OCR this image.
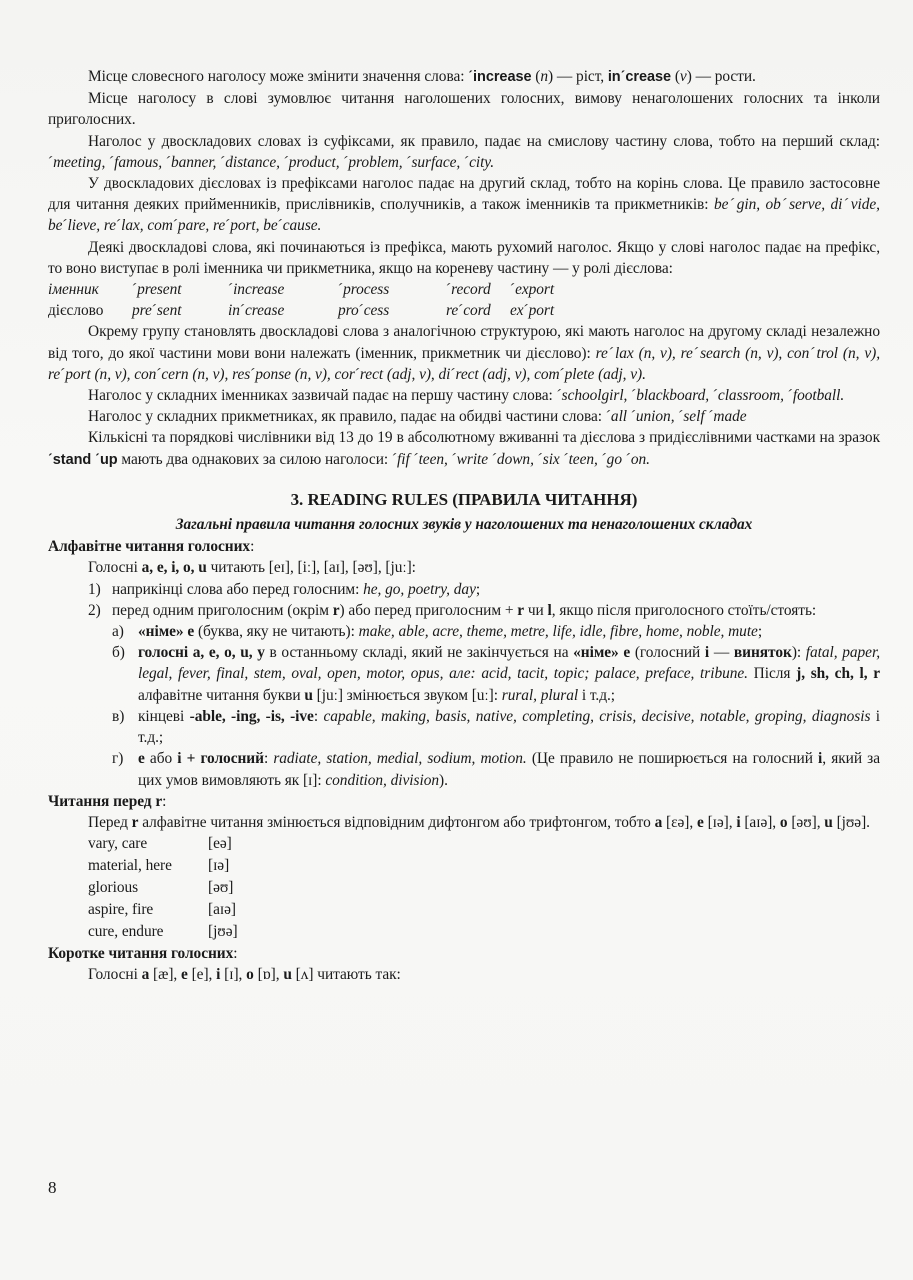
Місце словесного наголосу може змінити значення слова: ˊincrease (n) — ріст, inˊcrease (v) — рости.

Місце наголосу в слові зумовлює читання наголошених голосних, вимову ненаголошених голосних та інколи приголосних.

Наголос у двоскладових словах із суфіксами, як правило, падає на смислову частину слова, тобто на перший склад: ˊmeeting, ˊfamous, ˊbanner, ˊdistance, ˊproduct, ˊproblem, ˊsurface, ˊcity.

У двоскладових дієсловах із префіксами наголос падає на другий склад, тобто на корінь слова. Це правило застосовне для читання деяких прийменників, прислівників, сполучників, а також іменників та прикметників: beˊgin, obˊserve, diˊvide, beˊlieve, reˊlax, comˊpare, reˊport, beˊcause.

Деякі двоскладові слова, які починаються із префікса, мають рухомий наголос. Якщо у слові наголос падає на префікс, то воно виступає в ролі іменника чи прикметника, якщо на кореневу частину — у ролі дієслова:

іменник	ˊpresent	ˊincrease	ˊprocess	ˊrecord	ˊexport
дієслово	preˊsent	inˊcrease	proˊcess	reˊcord	exˊport

Окрему групу становлять двоскладові слова з аналогічною структурою, які мають наголос на другому складі незалежно від того, до якої частини мови вони належать (іменник, прикметник чи дієслово): reˊlax (n, v), reˊsearch (n, v), conˊtrol (n, v), reˊport (n, v), conˊcern (n, v), resˊponse (n, v), corˊrect (adj, v), diˊrect (adj, v), comˊplete (adj, v).

Наголос у складних іменниках зазвичай падає на першу частину слова: ˊschoolgirl, ˊblackboard, ˊclassroom, ˊfootball.

Наголос у складних прикметниках, як правило, падає на обидві частини слова: ˊall ˊunion, ˊself ˊmade

Кількісні та порядкові числівники від 13 до 19 в абсолютному вживанні та дієслова з придієслівними частками на зразок ˊstand ˊup мають два однакових за силою наголоси: ˊfif ˊteen, ˊwrite ˊdown, ˊsix ˊteen, ˊgo ˊon.

3. READING RULES (ПРАВИЛА ЧИТАННЯ)
Загальні правила читання голосних звуків у наголошених та ненаголошених складах
Алфавітне читання голосних:

Голосні a, e, i, o, u читають [eɪ], [iː], [aɪ], [əʊ], [juː]:

1) наприкінці слова або перед голосним: he, go, poetry, day;
2) перед одним приголосним (окрім r) або перед приголосним + r чи l, якщо після приголосного стоїть/стоять:
а) «німе» e (буква, яку не читають): make, able, acre, theme, metre, life, idle, fibre, home, noble, mute;
б) голосні a, e, o, u, y в останньому складі, який не закінчується на «німе» e (голосний i — виняток): fatal, paper, legal, fever, final, stem, oval, open, motor, opus, але: acid, tacit, topic; palace, preface, tribune. Після j, sh, ch, l, r алфавітне читання букви u [juː] змінюється звуком [uː]: rural, plural і т.д.;
в) кінцеві -able, -ing, -is, -ive: capable, making, basis, native, completing, crisis, decisive, notable, groping, diagnosis і т.д.;
г) e або i + голосний: radiate, station, medial, sodium, motion. (Це правило не поширюється на голосний i, який за цих умов вимовляють як [ɪ]: condition, division).
Читання перед r:

Перед r алфавітне читання змінюється відповідним дифтонгом або трифтонгом, тобто a [ɛə], e [ɪə], i [aɪə], o [əʊ], u [jʊə].

vary, care	[eə]
material, here	[ɪə]
glorious	[əʊ]
aspire, fire	[aɪə]
cure, endure	[jʊə]
Коротке читання голосних:

Голосні a [æ], e [e], i [ɪ], o [ɒ], u [ʌ] читають так:

8
